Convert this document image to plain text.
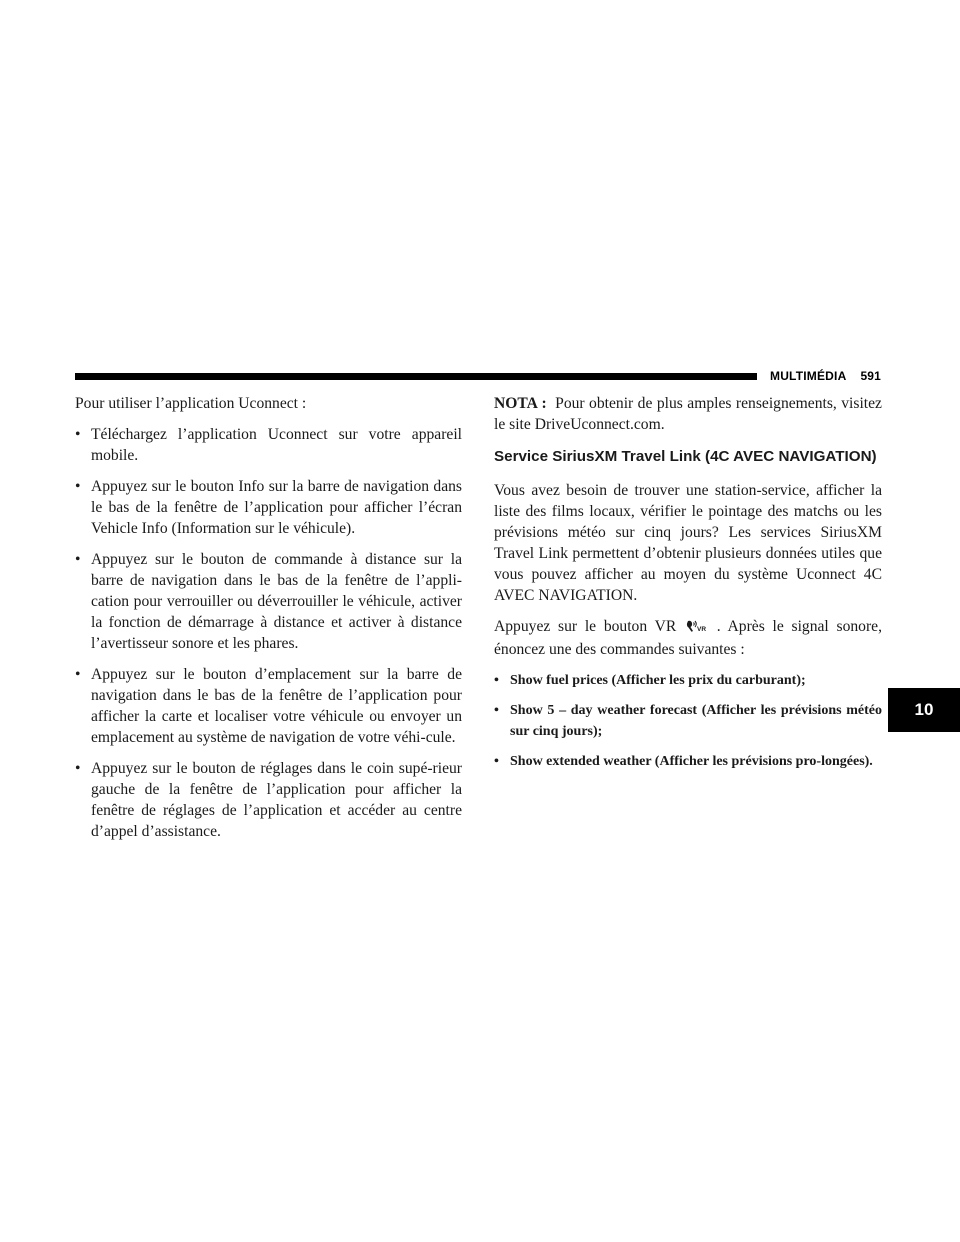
MULTIMÉDIA 591
10

Pour utiliser l’application Uconnect :

• Téléchargez l’application Uconnect sur votre appareil mobile.
• Appuyez sur le bouton Info sur la barre de navigation dans le bas de la fenêtre de l’application pour afficher l’écran Vehicle Info (Information sur le véhicule).
• Appuyez sur le bouton de commande à distance sur la barre de navigation dans le bas de la fenêtre de l’appli-cation pour verrouiller ou déverrouiller le véhicule, activer la fonction de démarrage à distance et activer à distance l’avertisseur sonore et les phares.
• Appuyez sur le bouton d’emplacement sur la barre de navigation dans le bas de la fenêtre de l’application pour afficher la carte et localiser votre véhicule ou envoyer un emplacement au système de navigation de votre véhi-cule.
• Appuyez sur le bouton de réglages dans le coin supé-rieur gauche de la fenêtre de l’application pour afficher la fenêtre de réglages de l’application et accéder au centre d’appel d’assistance.

NOTA : Pour obtenir de plus amples renseignements, visitez le site DriveUconnect.com.

Service SiriusXM Travel Link (4C AVEC NAVIGATION)

Vous avez besoin de trouver une station-service, afficher la liste des films locaux, vérifier le pointage des matchs ou les prévisions météo sur cinq jours? Les services SiriusXM Travel Link permettent d’obtenir plusieurs données utiles que vous pouvez afficher au moyen du système Uconnect 4C AVEC NAVIGATION.

Appuyez sur le bouton VR	VR . Après le signal sonore, énoncez une des commandes suivantes :

• Show fuel prices (Afficher les prix du carburant);
• Show 5 – day weather forecast (Afficher les prévisions météo sur cinq jours);
• Show extended weather (Afficher les prévisions pro-longées).
